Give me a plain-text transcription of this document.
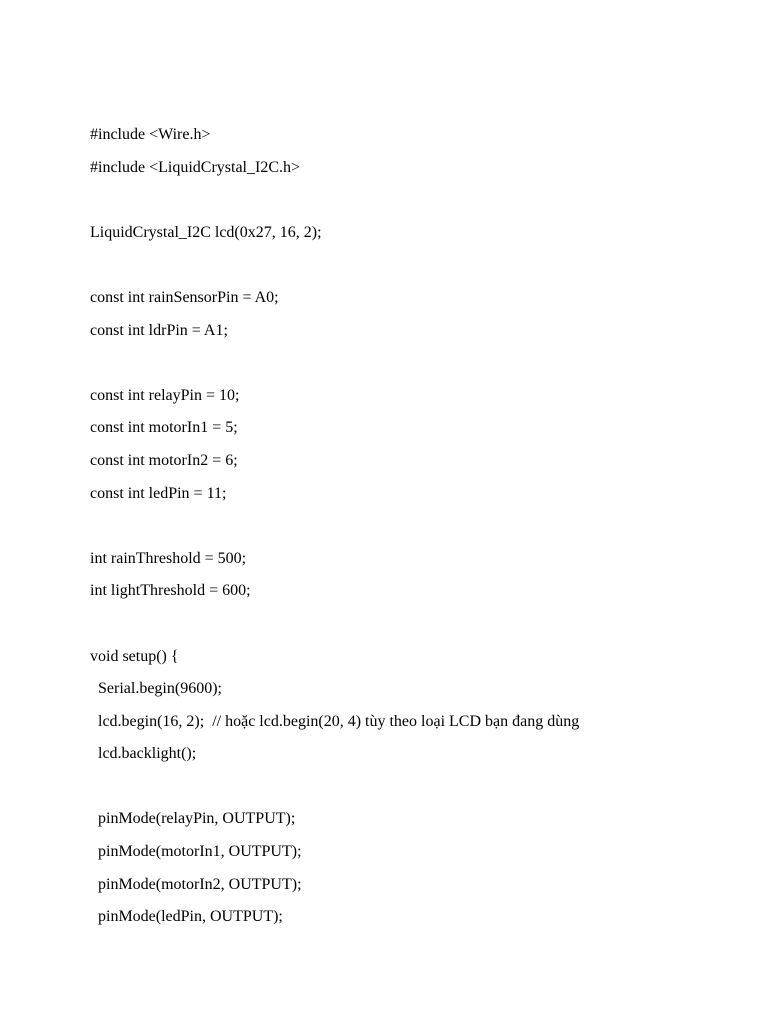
#include <Wire.h>
#include <LiquidCrystal_I2C.h>
LiquidCrystal_I2C lcd(0x27, 16, 2);
const int rainSensorPin = A0;
const int ldrPin = A1;
const int relayPin = 10;
const int motorIn1 = 5;
const int motorIn2 = 6;
const int ledPin = 11;
int rainThreshold = 500;
int lightThreshold = 600;
void setup() {
Serial.begin(9600);
lcd.begin(16, 2);  // hoặc lcd.begin(20, 4) tùy theo loại LCD bạn đang dùng
lcd.backlight();
pinMode(relayPin, OUTPUT);
pinMode(motorIn1, OUTPUT);
pinMode(motorIn2, OUTPUT);
pinMode(ledPin, OUTPUT);
